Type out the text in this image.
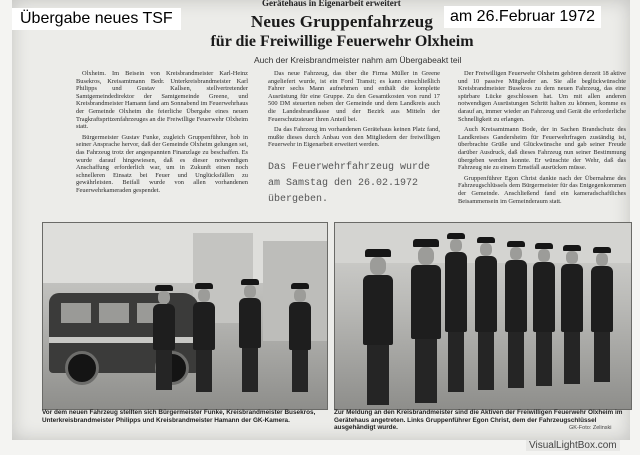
Gerätehaus in Eigenarbeit erweitert
Neues Gruppenfahrzeug
für die Freiwillige Feuerwehr Olxheim
Auch der Kreisbrandmeister nahm am Übergabeakt teil

Olxheim. Im Beisein von Kreisbrandmeister Karl-Heinz Busekros, Kreisamtmann Bedr. Unterkreisbrandmeister Karl Philipps und Gustav Kallsen, stellvertretender Samtgemeindedirektor der Samtgemeinde Greene, und Kreisbrandmeister Hamann fand am Sonnabend im Feuerwehrhaus der Gemeinde Olxheim die feierliche Übergabe eines neuen Tragkraftspritzenfahrzeuges an die Freiwillige Feuerwehr Olxheim statt.

Bürgermeister Gustav Funke, zugleich Gruppenführer, hob in seiner Ansprache hervor, daß der Gemeinde Olxheim gelungen sei, das Fahrzeug trotz der angespannten Finanzlage zu beschaffen. Es wurde darauf hingewiesen, daß es dieser notwendigen Anschaffung erforderlich war, um in Zukunft einen noch schnelleren Einsatz bei Feuer und Unglücksfällen zu gewährleisten. Beifall wurde von allen vorhandenen Feuerwehrkameraden gespendet.

Das neue Fahrzeug, das über die Firma Müller in Greene angeliefert wurde, ist ein Ford Transit; es kann einschließlich Fahrer sechs Mann aufnehmen und enthält die komplette Ausrüstung für eine Gruppe. Zu den Gesamtkosten von rund 17 500 DM steuerten neben der Gemeinde und dem Landkreis auch die Landesbrandkasse und der Bezirk aus Mitteln der Feuerschutzsteuer ihren Anteil bei.

Da das Fahrzeug im vorhandenen Gerätehaus keinen Platz fand, mußte dieses durch Anbau von den Mitgliedern der freiwilligen Feuerwehr in Eigenarbeit erweitert werden.

Das Feuerwehrfahrzeug wurde am Samstag den 26.02.1972 übergeben.

Der Freiwilligen Feuerwehr Olxheim gehören derzeit 18 aktive und 10 passive Mitglieder an. Sie alle beglückwünschte Kreisbrandmeister Busekros zu dem neuen Fahrzeug, das eine spürbare Lücke geschlossen hat. Um mit allen anderen notwendigen Ausrüstungen Schritt halten zu können, komme es darauf an, immer wieder an Fahrzeug und Gerät die erforderliche Schnelligkeit zu erlangen.

Auch Kreisamtmann Bode, der in Sachen Brandschutz des Landkreises Gandersheim für Feuerwehrfragen zuständig ist, überbrachte Grüße und Glückwünsche und gab seiner Freude darüber Ausdruck, daß dieses Fahrzeug nun seiner Bestimmung übergeben werden konnte. Er wünschte der Wehr, daß das Fahrzeug nie zu einem Ernstfall ausrücken müsse.

Gruppenführer Egon Christ dankte nach der Übernahme des Fahrzeugschlüssels dem Bürgermeister für das Entgegenkommen der Gemeinde. Anschließend fand ein kameradschaftliches Beisammensein im Gemeinderaum statt.

Vor dem neuen Fahrzeug stellten sich Bürgermeister Funke, Kreisbrandmeister Busekros, Unterkreisbrandmeister Philipps und Kreisbrandmeister Hamann der GK-Kamera.
Zur Meldung an den Kreisbrandmeister sind die Aktiven der Freiwilligen Feuerwehr Olxheim im Gerätehaus angetreten. Links Gruppenführer Egon Christ, dem der Fahrzeugschlüssel ausgehändigt wurde.	GK-Foto: Zelinski
Übergabe neues TSF	am 26.Februar 1972
VisualLightBox.com
